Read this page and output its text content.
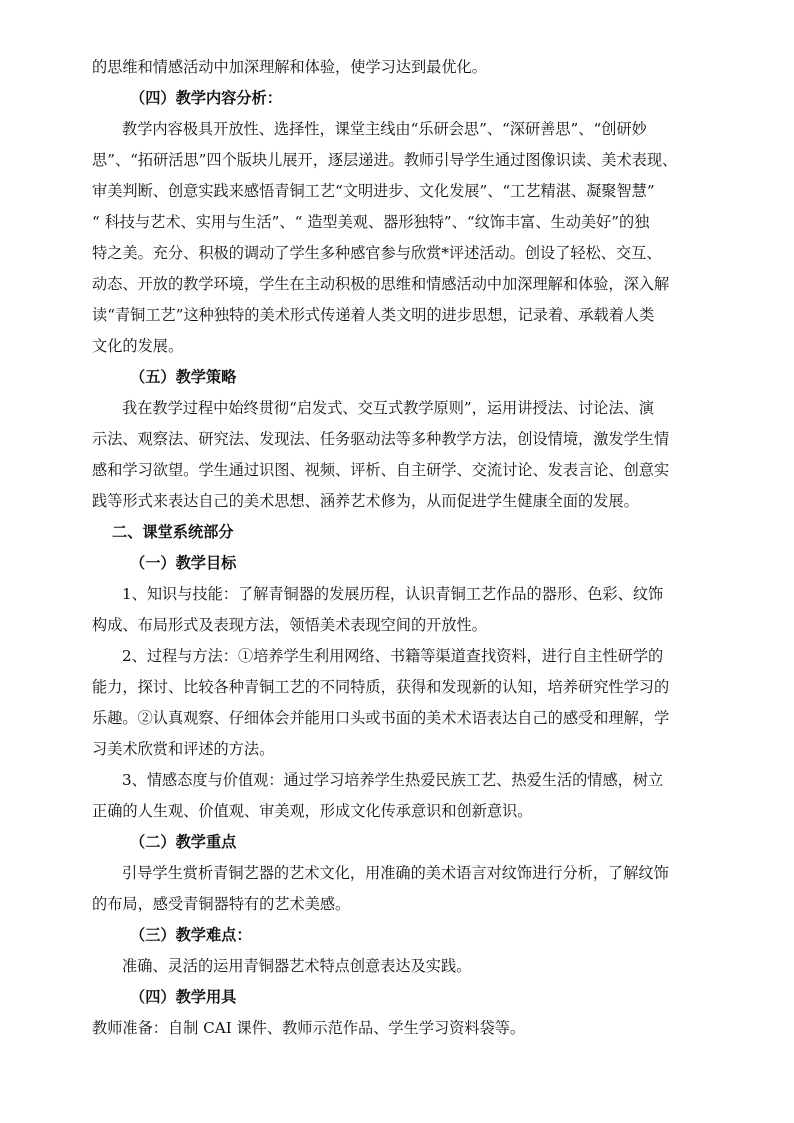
的思维和情感活动中加深理解和体验，使学习达到最优化。
（四）教学内容分析：
教学内容极具开放性、选择性，课堂主线由“乐研会思”、“深研善思”、“创研妙
思”、“拓研活思”四个版块儿展开，逐层递进。教师引导学生通过图像识读、美术表现、
审美判断、创意实践来感悟青铜工艺“文明进步、文化发展”、“工艺精湛、凝聚智慧”
“ 科技与艺术、实用与生活”、“ 造型美观、器形独特”、“纹饰丰富、生动美好”的独
特之美。充分、积极的调动了学生多种感官参与欣赏*评述活动。创设了轻松、交互、
动态、开放的教学环境，学生在主动积极的思维和情感活动中加深理解和体验，深入解
读“青铜工艺”这种独特的美术形式传递着人类文明的进步思想，记录着、承载着人类
文化的发展。
（五）教学策略
我在教学过程中始终贯彻“启发式、交互式教学原则”，运用讲授法、讨论法、演
示法、观察法、研究法、发现法、任务驱动法等多种教学方法，创设情境，激发学生情
感和学习欲望。学生通过识图、视频、评析、自主研学、交流讨论、发表言论、创意实
践等形式来表达自己的美术思想、涵养艺术修为，从而促进学生健康全面的发展。
二、课堂系统部分
（一）教学目标
1、知识与技能：了解青铜器的发展历程，认识青铜工艺作品的器形、色彩、纹饰
构成、布局形式及表现方法，领悟美术表现空间的开放性。
2、过程与方法：①培养学生利用网络、书籍等渠道查找资料，进行自主性研学的
能力，探讨、比较各种青铜工艺的不同特质，获得和发现新的认知，培养研究性学习的
乐趣。②认真观察、仔细体会并能用口头或书面的美术术语表达自己的感受和理解，学
习美术欣赏和评述的方法。
3、情感态度与价值观：通过学习培养学生热爱民族工艺、热爱生活的情感，树立
正确的人生观、价值观、审美观，形成文化传承意识和创新意识。
（二）教学重点
引导学生赏析青铜艺器的艺术文化，用准确的美术语言对纹饰进行分析，了解纹饰
的布局，感受青铜器特有的艺术美感。
（三）教学难点：
准确、灵活的运用青铜器艺术特点创意表达及实践。
（四）教学用具
教师准备：自制 CAI 课件、教师示范作品、学生学习资料袋等。
